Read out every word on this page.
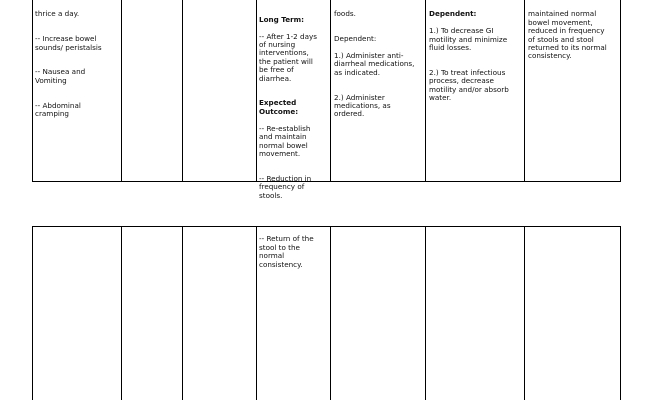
thrice a day.

-- Increase bowel
sounds/ peristalsis

-- Nausea and
Vomiting

-- Abdominal
cramping

Long Term:

-- After 1-2 days
of nursing
interventions,
the patient will
be free of
diarrhea.

Expected
Outcome:

-- Re-establish
and maintain
normal bowel
movement.

-- Reduction in
frequency of
stools.

foods.

Dependent:

1.) Administer anti-
diarrheal medications,
as indicated.

2.) Administer
medications, as
ordered.

Dependent:

1.) To decrease GI
motility and minimize
fluid losses.

2.) To treat infectious
process, decrease
motility and/or absorb
water.

maintained normal
bowel movement,
reduced in frequency
of stools and stool
returned to its normal
consistency.

-- Return of the
stool to the
normal
consistency.
